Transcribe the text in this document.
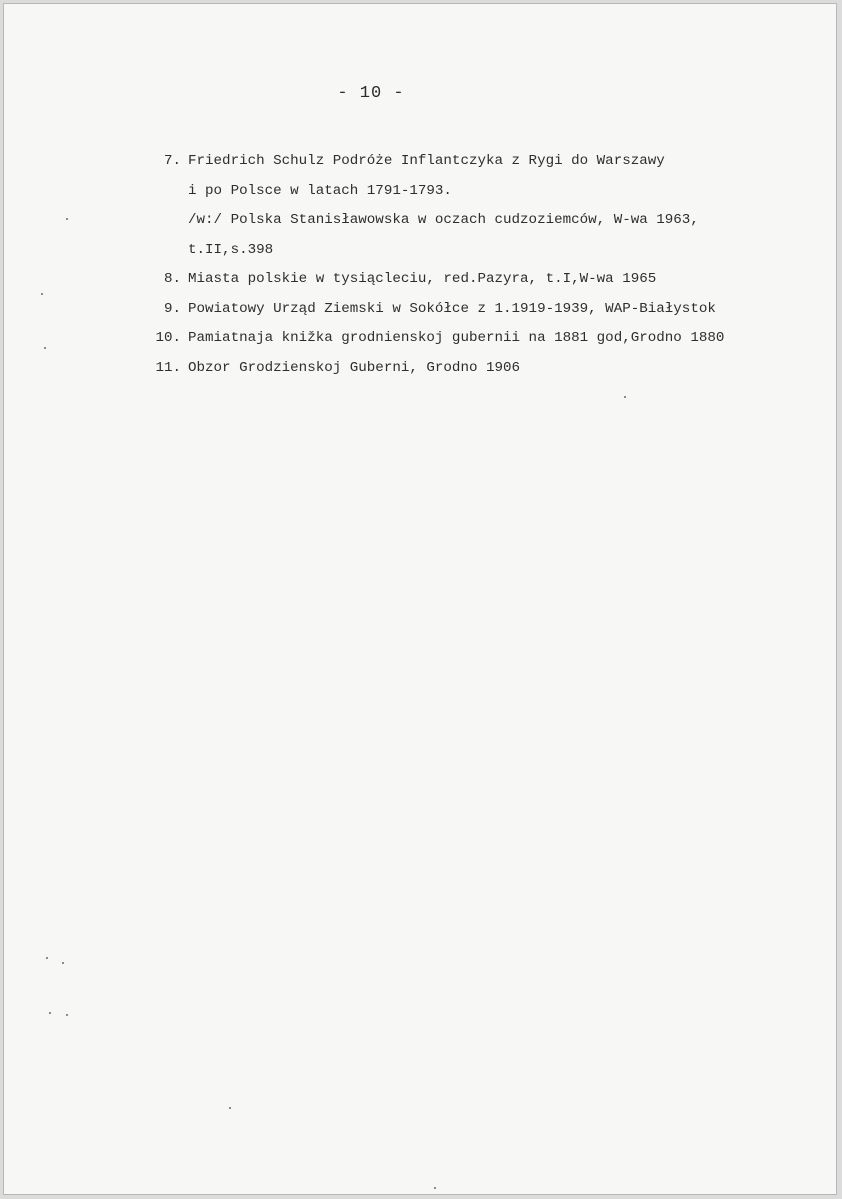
- 10 -
7. Friedrich Schulz Podróże Inflantczyka z Rygi do Warszawy
i po Polsce w latach 1791-1793.
/w:/ Polska Stanisławowska w oczach cudzoziemców, W-wa 1963,
t.II,s.398
8. Miasta polskie w tysiącleciu, red.Pazyra, t.I,W-wa 1965
9. Powiatowy Urząd Ziemski w Sokółce z 1.1919-1939, WAP-Białystok
10. Pamiatnaja knižka grodnienskoj gubernii na 1881 god,Grodno 1880
11. Obzor Grodzienskoj Guberni, Grodno 1906
